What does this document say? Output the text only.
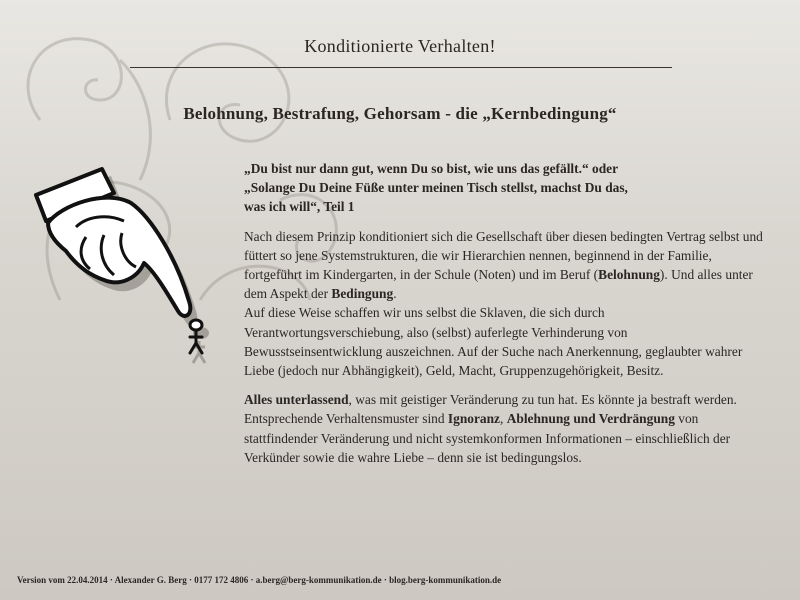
Konditionierte Verhalten!
Belohnung, Bestrafung, Gehorsam - die „Kernbedingung“

„Du bist nur dann gut, wenn Du so bist, wie uns das gefällt.“ oder
„Solange Du Deine Füße unter meinen Tisch stellst, machst Du das,
was ich will“, Teil 1

Nach diesem Prinzip konditioniert sich die Gesellschaft über diesen bedingten Vertrag selbst und füttert so jene Systemstrukturen, die wir Hierarchien nennen, beginnend in der Familie, fortgeführt im Kindergarten, in der Schule (Noten) und im Beruf (Belohnung). Und alles unter dem Aspekt der Bedingung.
Auf diese Weise schaffen wir uns selbst die Sklaven, die sich durch Verantwortungsverschiebung, also (selbst) auferlegte Verhinderung von Bewusstseinsentwicklung auszeichnen. Auf der Suche nach Anerkennung, geglaubter wahrer Liebe (jedoch nur Abhängigkeit), Geld, Macht, Gruppenzugehörigkeit, Besitz.

Alles unterlassend, was mit geistiger Veränderung zu tun hat. Es könnte ja bestraft werden. Entsprechende Verhaltensmuster sind Ignoranz, Ablehnung und Verdrängung von stattfindender Veränderung und nicht systemkonformen Informationen – einschließlich der Verkünder sowie die wahre Liebe – denn sie ist bedingungslos.

Version vom 22.04.2014 · Alexander G. Berg · 0177 172 4806 · a.berg@berg-kommunikation.de · blog.berg-kommunikation.de
